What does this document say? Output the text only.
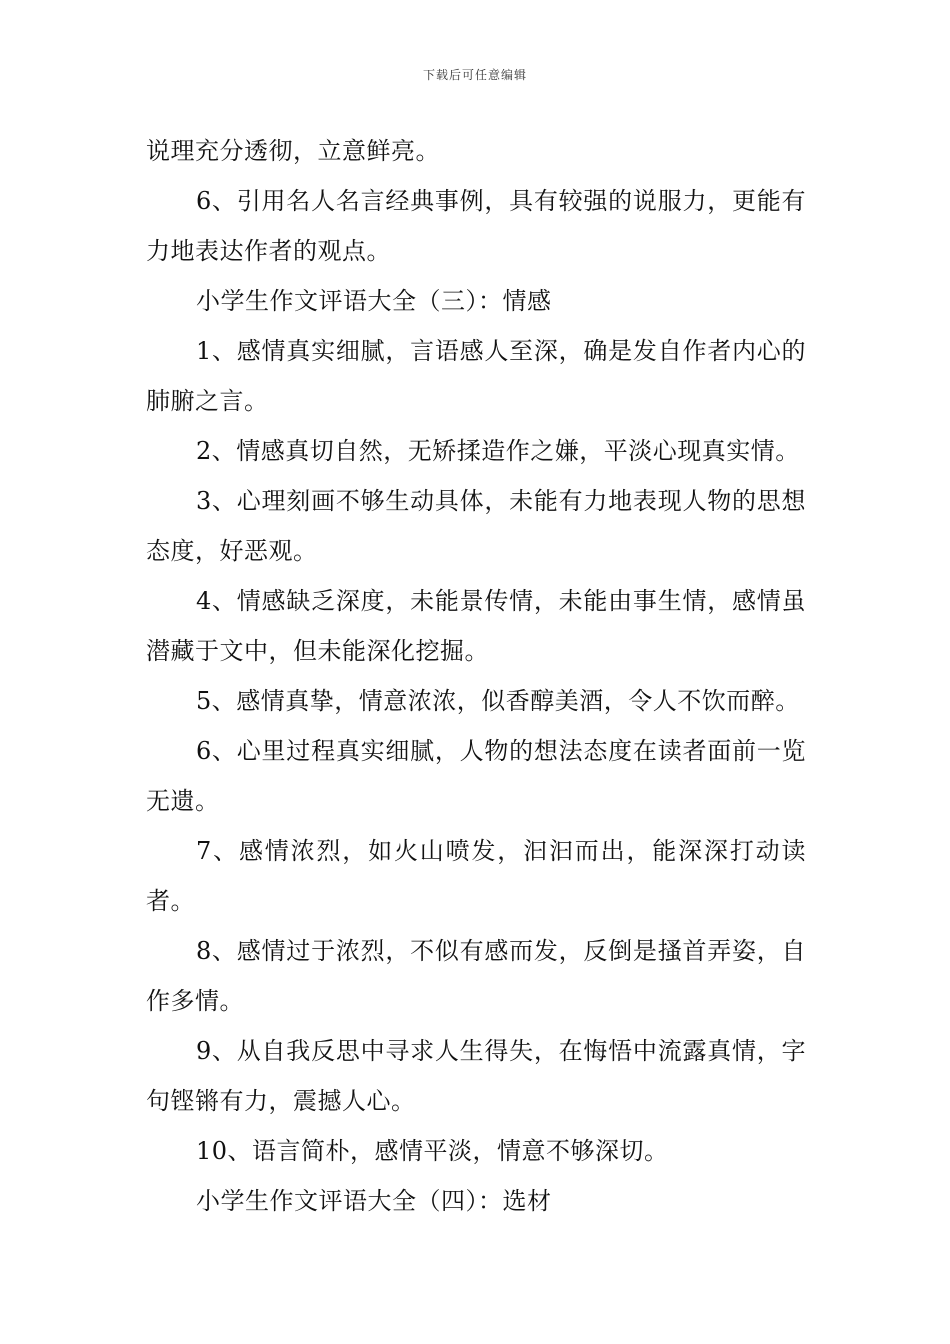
下载后可任意编辑

说理充分透彻，立意鲜亮。

6、引用名人名言经典事例，具有较强的说服力，更能有力地表达作者的观点。

小学生作文评语大全（三）：情感

1、感情真实细腻，言语感人至深，确是发自作者内心的肺腑之言。

2、情感真切自然，无矫揉造作之嫌，平淡心现真实情。

3、心理刻画不够生动具体，未能有力地表现人物的思想态度，好恶观。

4、情感缺乏深度，未能景传情，未能由事生情，感情虽潜藏于文中，但未能深化挖掘。

5、感情真挚，情意浓浓，似香醇美酒，令人不饮而醉。

6、心里过程真实细腻，人物的想法态度在读者面前一览无遗。

7、感情浓烈，如火山喷发，汩汩而出，能深深打动读者。

8、感情过于浓烈，不似有感而发，反倒是搔首弄姿，自作多情。

9、从自我反思中寻求人生得失，在悔悟中流露真情，字句铿锵有力，震撼人心。

10、语言简朴，感情平淡，情意不够深切。

小学生作文评语大全（四）：选材
